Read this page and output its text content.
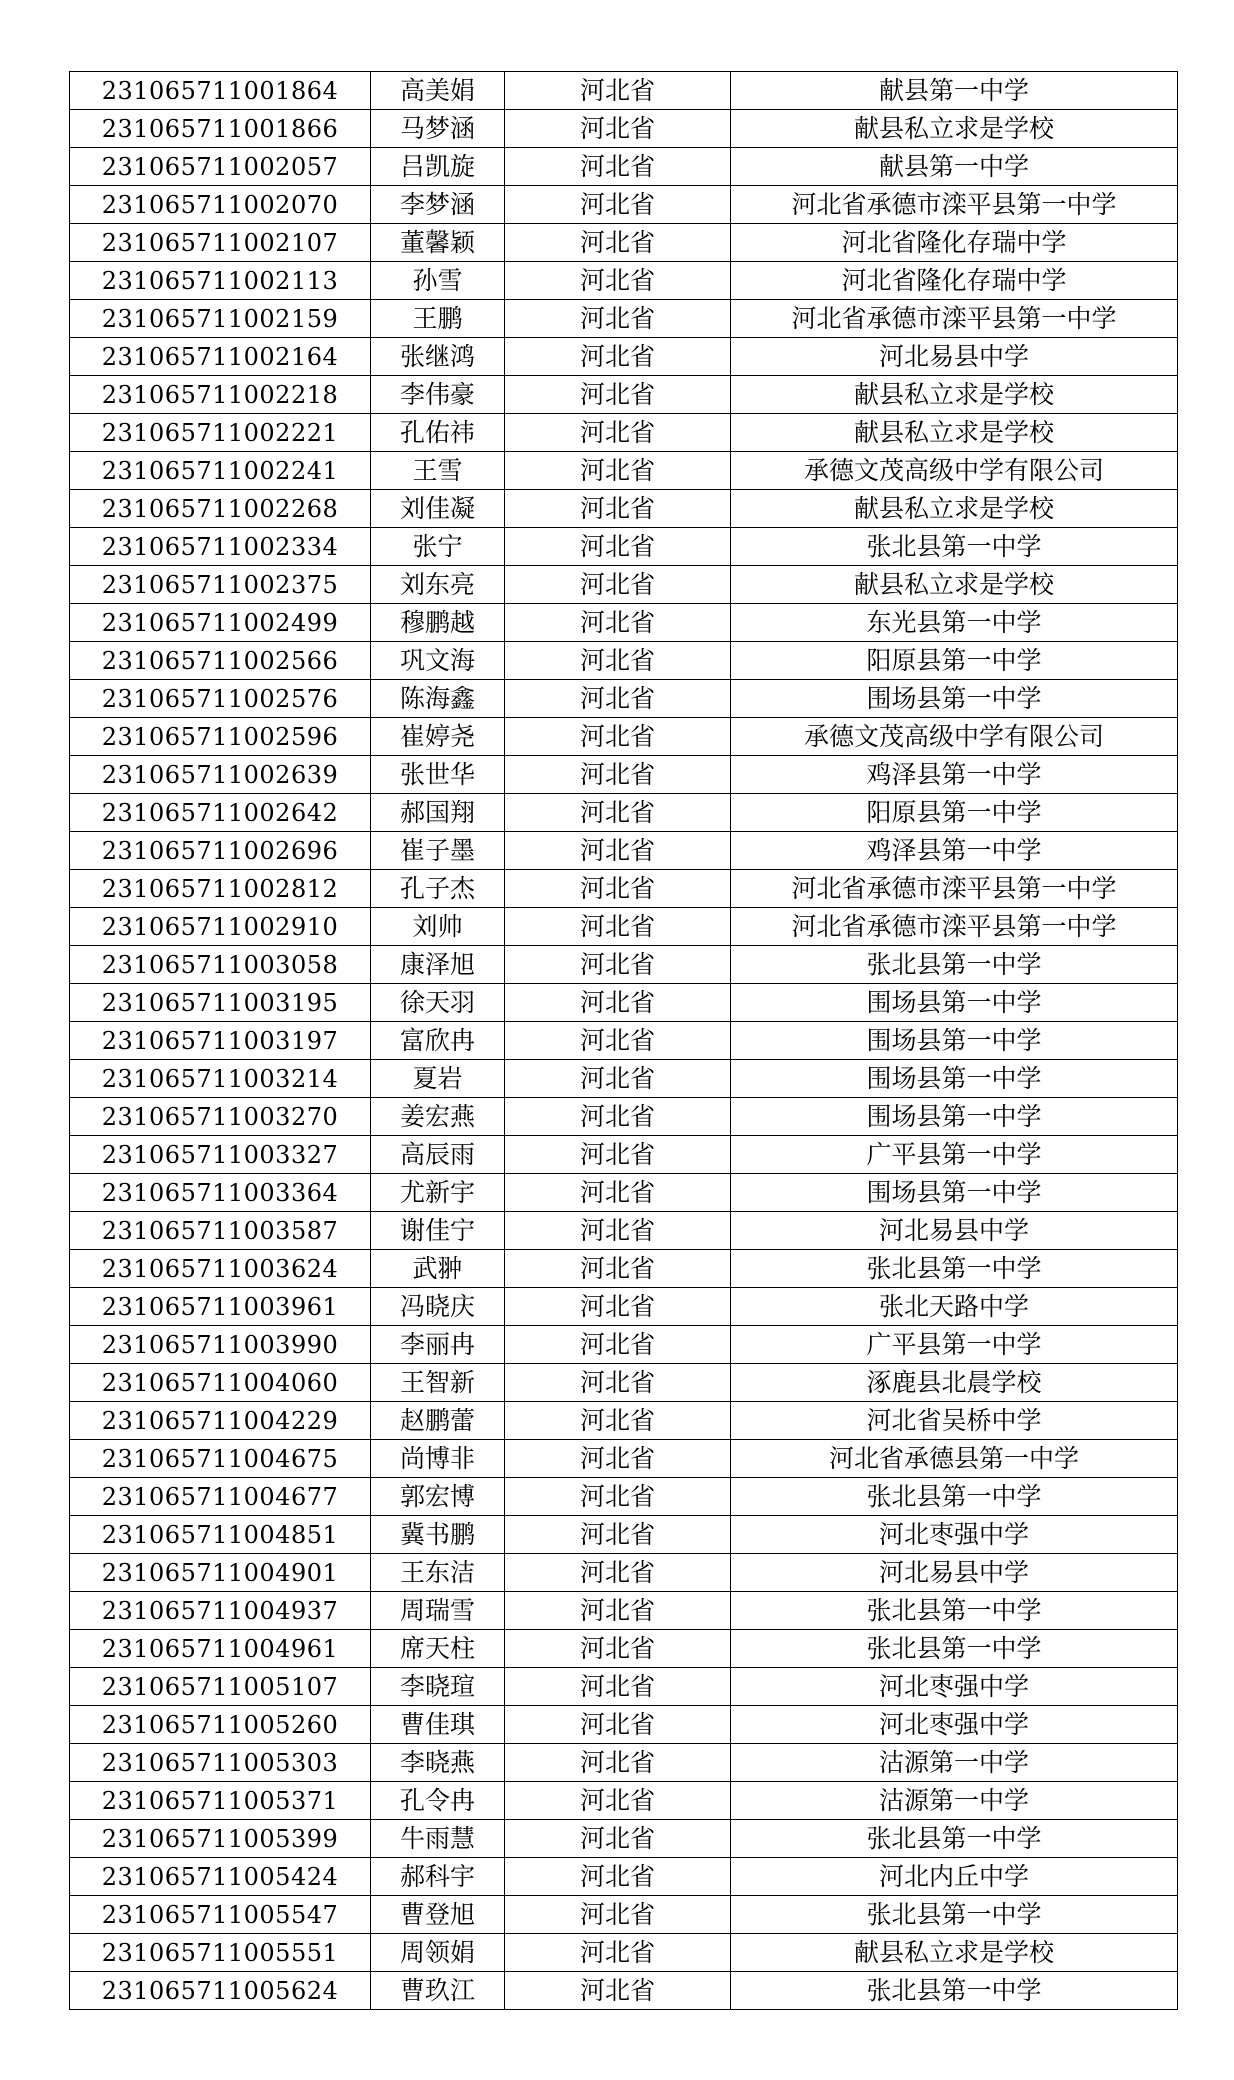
231065711001864	高美娟	河北省	献县第一中学
231065711001866	马梦涵	河北省	献县私立求是学校
231065711002057	吕凯旋	河北省	献县第一中学
231065711002070	李梦涵	河北省	河北省承德市滦平县第一中学
231065711002107	董馨颖	河北省	河北省隆化存瑞中学
231065711002113	孙雪	河北省	河北省隆化存瑞中学
231065711002159	王鹏	河北省	河北省承德市滦平县第一中学
231065711002164	张继鸿	河北省	河北易县中学
231065711002218	李伟豪	河北省	献县私立求是学校
231065711002221	孔佑祎	河北省	献县私立求是学校
231065711002241	王雪	河北省	承德文茂高级中学有限公司
231065711002268	刘佳凝	河北省	献县私立求是学校
231065711002334	张宁	河北省	张北县第一中学
231065711002375	刘东亮	河北省	献县私立求是学校
231065711002499	穆鹏越	河北省	东光县第一中学
231065711002566	巩文海	河北省	阳原县第一中学
231065711002576	陈海鑫	河北省	围场县第一中学
231065711002596	崔婷尧	河北省	承德文茂高级中学有限公司
231065711002639	张世华	河北省	鸡泽县第一中学
231065711002642	郝国翔	河北省	阳原县第一中学
231065711002696	崔子墨	河北省	鸡泽县第一中学
231065711002812	孔子杰	河北省	河北省承德市滦平县第一中学
231065711002910	刘帅	河北省	河北省承德市滦平县第一中学
231065711003058	康泽旭	河北省	张北县第一中学
231065711003195	徐天羽	河北省	围场县第一中学
231065711003197	富欣冉	河北省	围场县第一中学
231065711003214	夏岩	河北省	围场县第一中学
231065711003270	姜宏燕	河北省	围场县第一中学
231065711003327	高辰雨	河北省	广平县第一中学
231065711003364	尤新宇	河北省	围场县第一中学
231065711003587	谢佳宁	河北省	河北易县中学
231065711003624	武翀	河北省	张北县第一中学
231065711003961	冯晓庆	河北省	张北天路中学
231065711003990	李丽冉	河北省	广平县第一中学
231065711004060	王智新	河北省	涿鹿县北晨学校
231065711004229	赵鹏蕾	河北省	河北省吴桥中学
231065711004675	尚博非	河北省	河北省承德县第一中学
231065711004677	郭宏博	河北省	张北县第一中学
231065711004851	冀书鹏	河北省	河北枣强中学
231065711004901	王东洁	河北省	河北易县中学
231065711004937	周瑞雪	河北省	张北县第一中学
231065711004961	席天柱	河北省	张北县第一中学
231065711005107	李晓瑄	河北省	河北枣强中学
231065711005260	曹佳琪	河北省	河北枣强中学
231065711005303	李晓燕	河北省	沽源第一中学
231065711005371	孔令冉	河北省	沽源第一中学
231065711005399	牛雨慧	河北省	张北县第一中学
231065711005424	郝科宇	河北省	河北内丘中学
231065711005547	曹登旭	河北省	张北县第一中学
231065711005551	周领娟	河北省	献县私立求是学校
231065711005624	曹玖江	河北省	张北县第一中学
